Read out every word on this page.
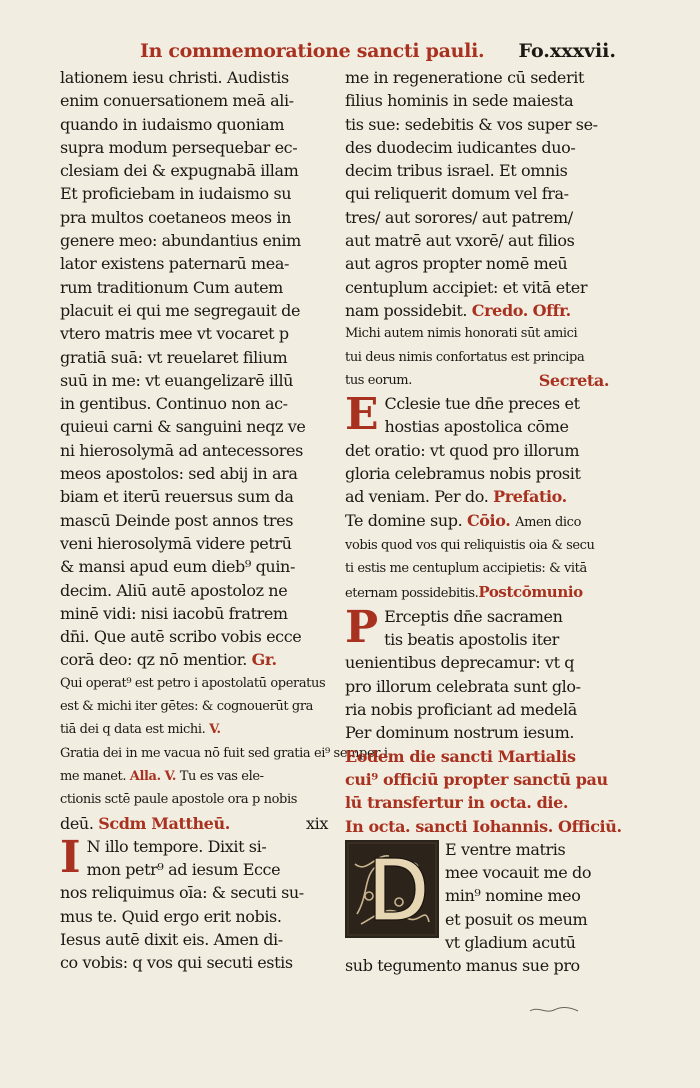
In commemoratione sancti pauli. Fo.xxxvii.
lationem iesu christi. Audistis
enim conuersationem meā ali-
quando in iudaismo quoniam
supra modum persequebar ec-
clesiam dei & expugnabā illam
Et proficiebam in iudaismo su
pra multos coetaneos meos in
genere meo: abundantius enim
lator existens paternarū mea-
rum traditionum Cum autem
placuit ei qui me segregauit de
vtero matris mee vt vocaret p
gratiā suā: vt reuelaret filium
suū in me: vt euangelizarē illū
in gentibus. Continuo non ac-
quieui carni & sanguini neqz ve
ni hierosolymā ad antecessores
meos apostolos: sed abij in ara
biam et iterū reuersus sum da
mascū Deinde post annos tres
veni hierosolymā videre petrū
& mansi apud eum dieb⁹ quin-
decim. Aliū autē apostoloz ne
minē vidi: nisi iacobū fratrem
dn̄i. Que autē scribo vobis ecce
corā deo: qz nō mentior. Gr.
Qui operat⁹ est petro i apostolatū operatus
est & michi iter gētes: & cognouerūt gra
tiā dei q data est michi. V.
Gratia dei in me vacua nō fuit sed gratia ei⁹ semper i
me manet. Alla. V. Tu es vas ele-
ctionis sctē paule apostole ora p nobis
deū. Scdm Mattheū.	xix
I N illo tempore. Dixit si-
mon petr⁹ ad iesum Ecce
nos reliquimus oīa: & secuti su-
mus te. Quid ergo erit nobis.
Iesus autē dixit eis. Amen di-
co vobis: q vos qui secuti estis
me in regeneratione cū sederit
filius hominis in sede maiesta
tis sue: sedebitis & vos super se-
des duodecim iudicantes duo-
decim tribus israel. Et omnis
qui reliquerit domum vel fra-
tres/ aut sorores/ aut patrem/
aut matrē aut vxorē/ aut filios
aut agros propter nomē meū
centuplum accipiet: et vitā eter
nam possidebit. Credo. Offr.
Michi autem nimis honorati sūt amici
tui deus nimis confortatus est principa
tus eorum.	Secreta.
E Cclesie tue dn̄e preces et
hostias apostolica cōme
det oratio: vt quod pro illorum
gloria celebramus nobis prosit
ad veniam. Per do. Prefatio.
Te domine sup. Cōio. Amen dico
vobis quod vos qui reliquistis oia & secu
ti estis me centuplum accipietis: & vitā
eternam possidebitis.Postcōmunio
P Erceptis dn̄e sacramen
tis beatis apostolis iter
uenientibus deprecamur: vt q
pro illorum celebrata sunt glo-
ria nobis proficiant ad medelā
Per dominum nostrum iesum.
Eodem die sancti Martialis
cui⁹ officiū propter sanctū pau
lū transfertur in octa. die.
In octa. sancti Iohannis. Officiū.
E ventre matris
mee vocauit me do
min⁹ nomine meo
et posuit os meum
vt gladium acutū
sub tegumento manus sue pro
